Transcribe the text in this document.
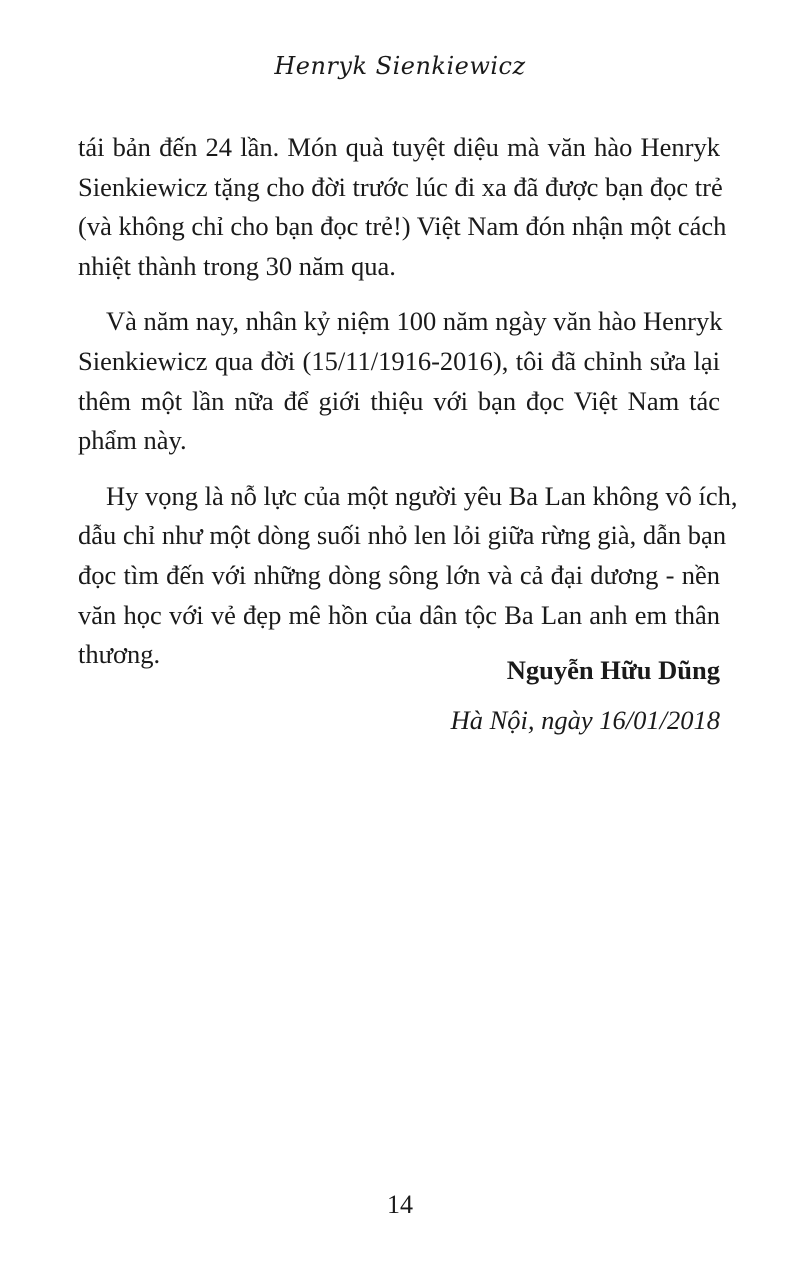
Henryk Sienkiewicz

tái bản đến 24 lần. Món quà tuyệt diệu mà văn hào Henryk
Sienkiewicz tặng cho đời trước lúc đi xa đã được bạn đọc trẻ
(và không chỉ cho bạn đọc trẻ!) Việt Nam đón nhận một cách
nhiệt thành trong 30 năm qua.

Và năm nay, nhân kỷ niệm 100 năm ngày văn hào Henryk
Sienkiewicz qua đời (15/11/1916-2016), tôi đã chỉnh sửa lại
thêm một lần nữa để giới thiệu với bạn đọc Việt Nam tác
phẩm này.

Hy vọng là nỗ lực của một người yêu Ba Lan không vô ích,
dẫu chỉ như một dòng suối nhỏ len lỏi giữa rừng già, dẫn bạn
đọc tìm đến với những dòng sông lớn và cả đại dương - nền
văn học với vẻ đẹp mê hồn của dân tộc Ba Lan anh em thân
thương.

Nguyễn Hữu Dũng
Hà Nội, ngày 16/01/2018
14
